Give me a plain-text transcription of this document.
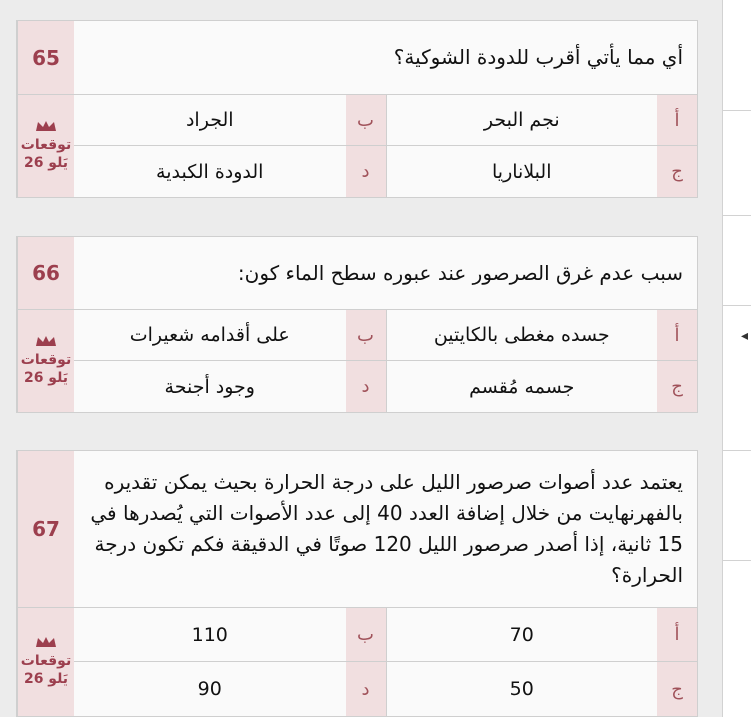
◂
أي مما يأتي أقرب للدودة الشوكية؟
الجراد	ب	نجم البحر	أ
الدودة الكبدية	د	البلاناريا	ج
65
توقعات
يَلو 26
سبب عدم غرق الصرصور عند عبوره سطح الماء كون:
على أقدامه شعيرات	ب	جسده مغطى بالكايتين	أ
وجود أجنحة	د	جسمه مُقسم	ج
66
توقعات
يَلو 26
يعتمد عدد أصوات صرصور الليل على درجة الحرارة بحيث يمكن تقديره بالفهرنهايت من خلال إضافة العدد 40 إلى عدد الأصوات التي يُصدرها في 15 ثانية، إذا أصدر صرصور الليل 120 صوتًا في الدقيقة فكم تكون درجة الحرارة؟
110	ب	70	أ
90	د	50	ج
67
توقعات
يَلو 26
